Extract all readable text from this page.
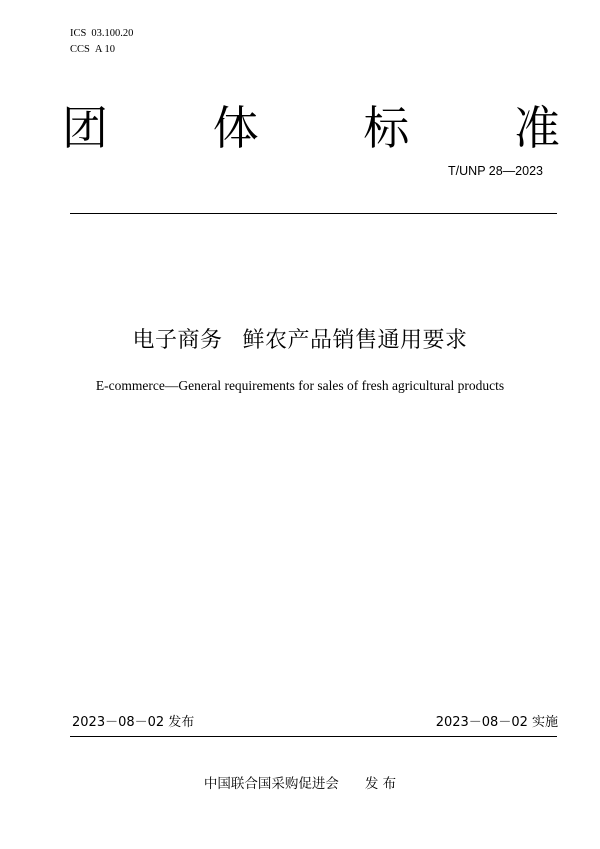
ICS 03.100.20
CCS A 10
团 体 标 准
T/UNP 28—2023
电子商务 鲜农产品销售通用要求
E-commerce—General requirements for sales of fresh agricultural products
2023－08－02 发布	2023－08－02 实施
中国联合国采购促进会 发 布
